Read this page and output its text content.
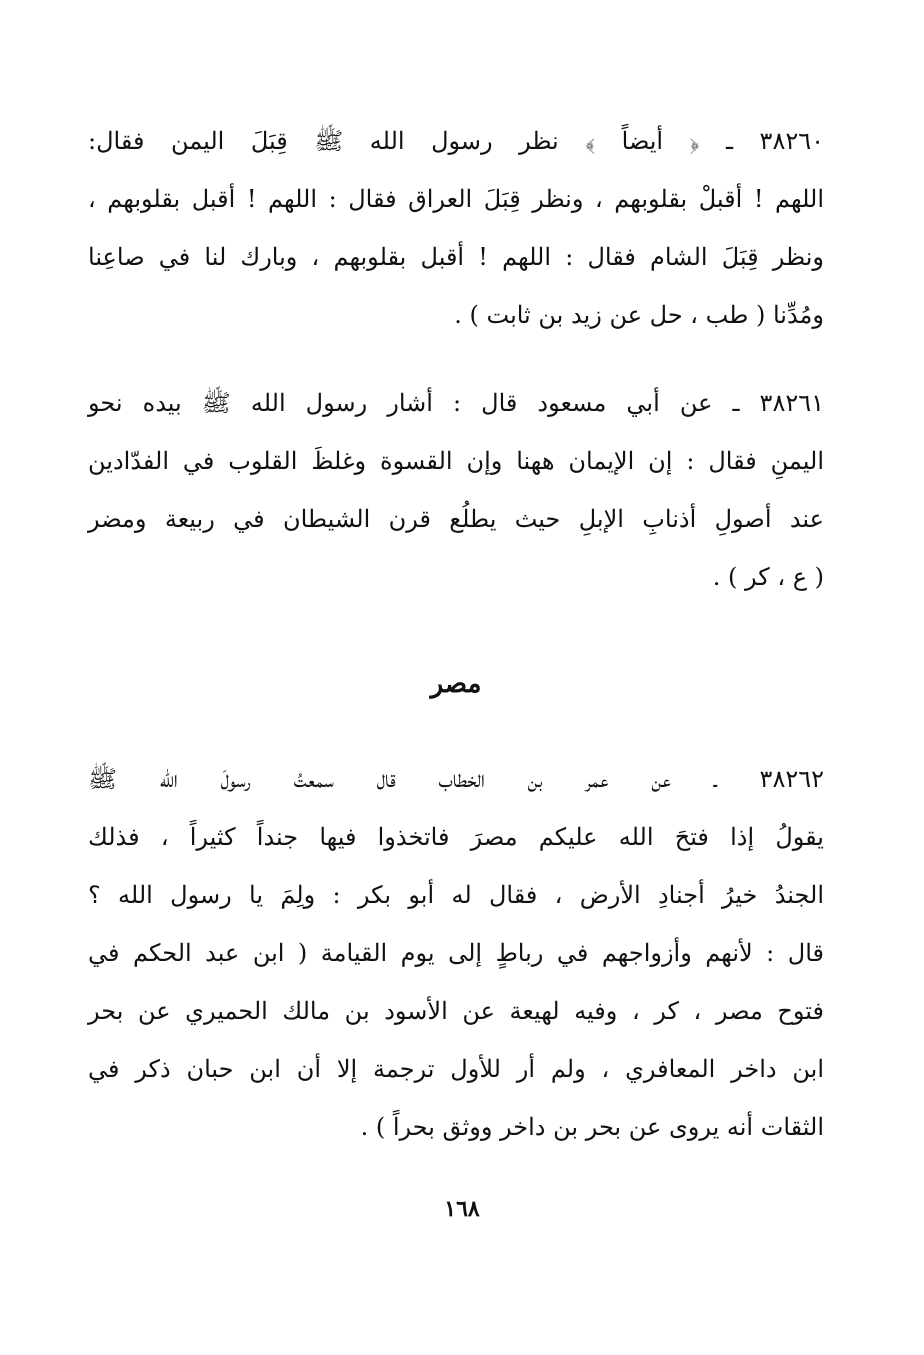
٣٨٢٦٠ ـ ﴿ أيضاً ﴾ نظر رسول الله ﷺ قِبَلَ اليمن فقال:
اللهم ! أقبلْ بقلوبهم ، ونظر قِبَلَ العراق فقال : اللهم ! أقبل بقلوبهم ،
ونظر قِبَلَ الشام فقال : اللهم ! أقبل بقلوبهم ، وبارك لنا في صاعِنا
ومُدِّنا ( طب ، حل عن زيد بن ثابت ) .
٣٨٢٦١ ـ عن أبي مسعود قال : أشار رسول الله ﷺ بيده نحو
اليمنِ فقال : إن الإيمان ههنا وإن القسوة وغلظَ القلوب في الفدّادين
عند أصولِ أذنابِ الإبلِ حيث يطلُع قرن الشيطان في ربيعة ومضر
( ع ، كر ) .
مصر
٣٨٢٦٢ ـ عن عمر بن الخطاب قال سمعتُ رسولَ الله ﷺ
يقولُ إذا فتحَ الله عليكم مصرَ فاتخذوا فيها جنداً كثيراً ، فذلك
الجندُ خيرُ أجنادِ الأرض ، فقال له أبو بكر : ولِمَ يا رسول الله ؟
قال : لأنهم وأزواجهم في رباطٍ إلى يوم القيامة ( ابن عبد الحكم في
فتوح مصر ، كر ، وفيه لهيعة عن الأسود بن مالك الحميري عن بحر
ابن داخر المعافري ، ولم أر للأول ترجمة إلا أن ابن حبان ذكر في
الثقات أنه يروى عن بحر بن داخر ووثق بحراً ) .
١٦٨
